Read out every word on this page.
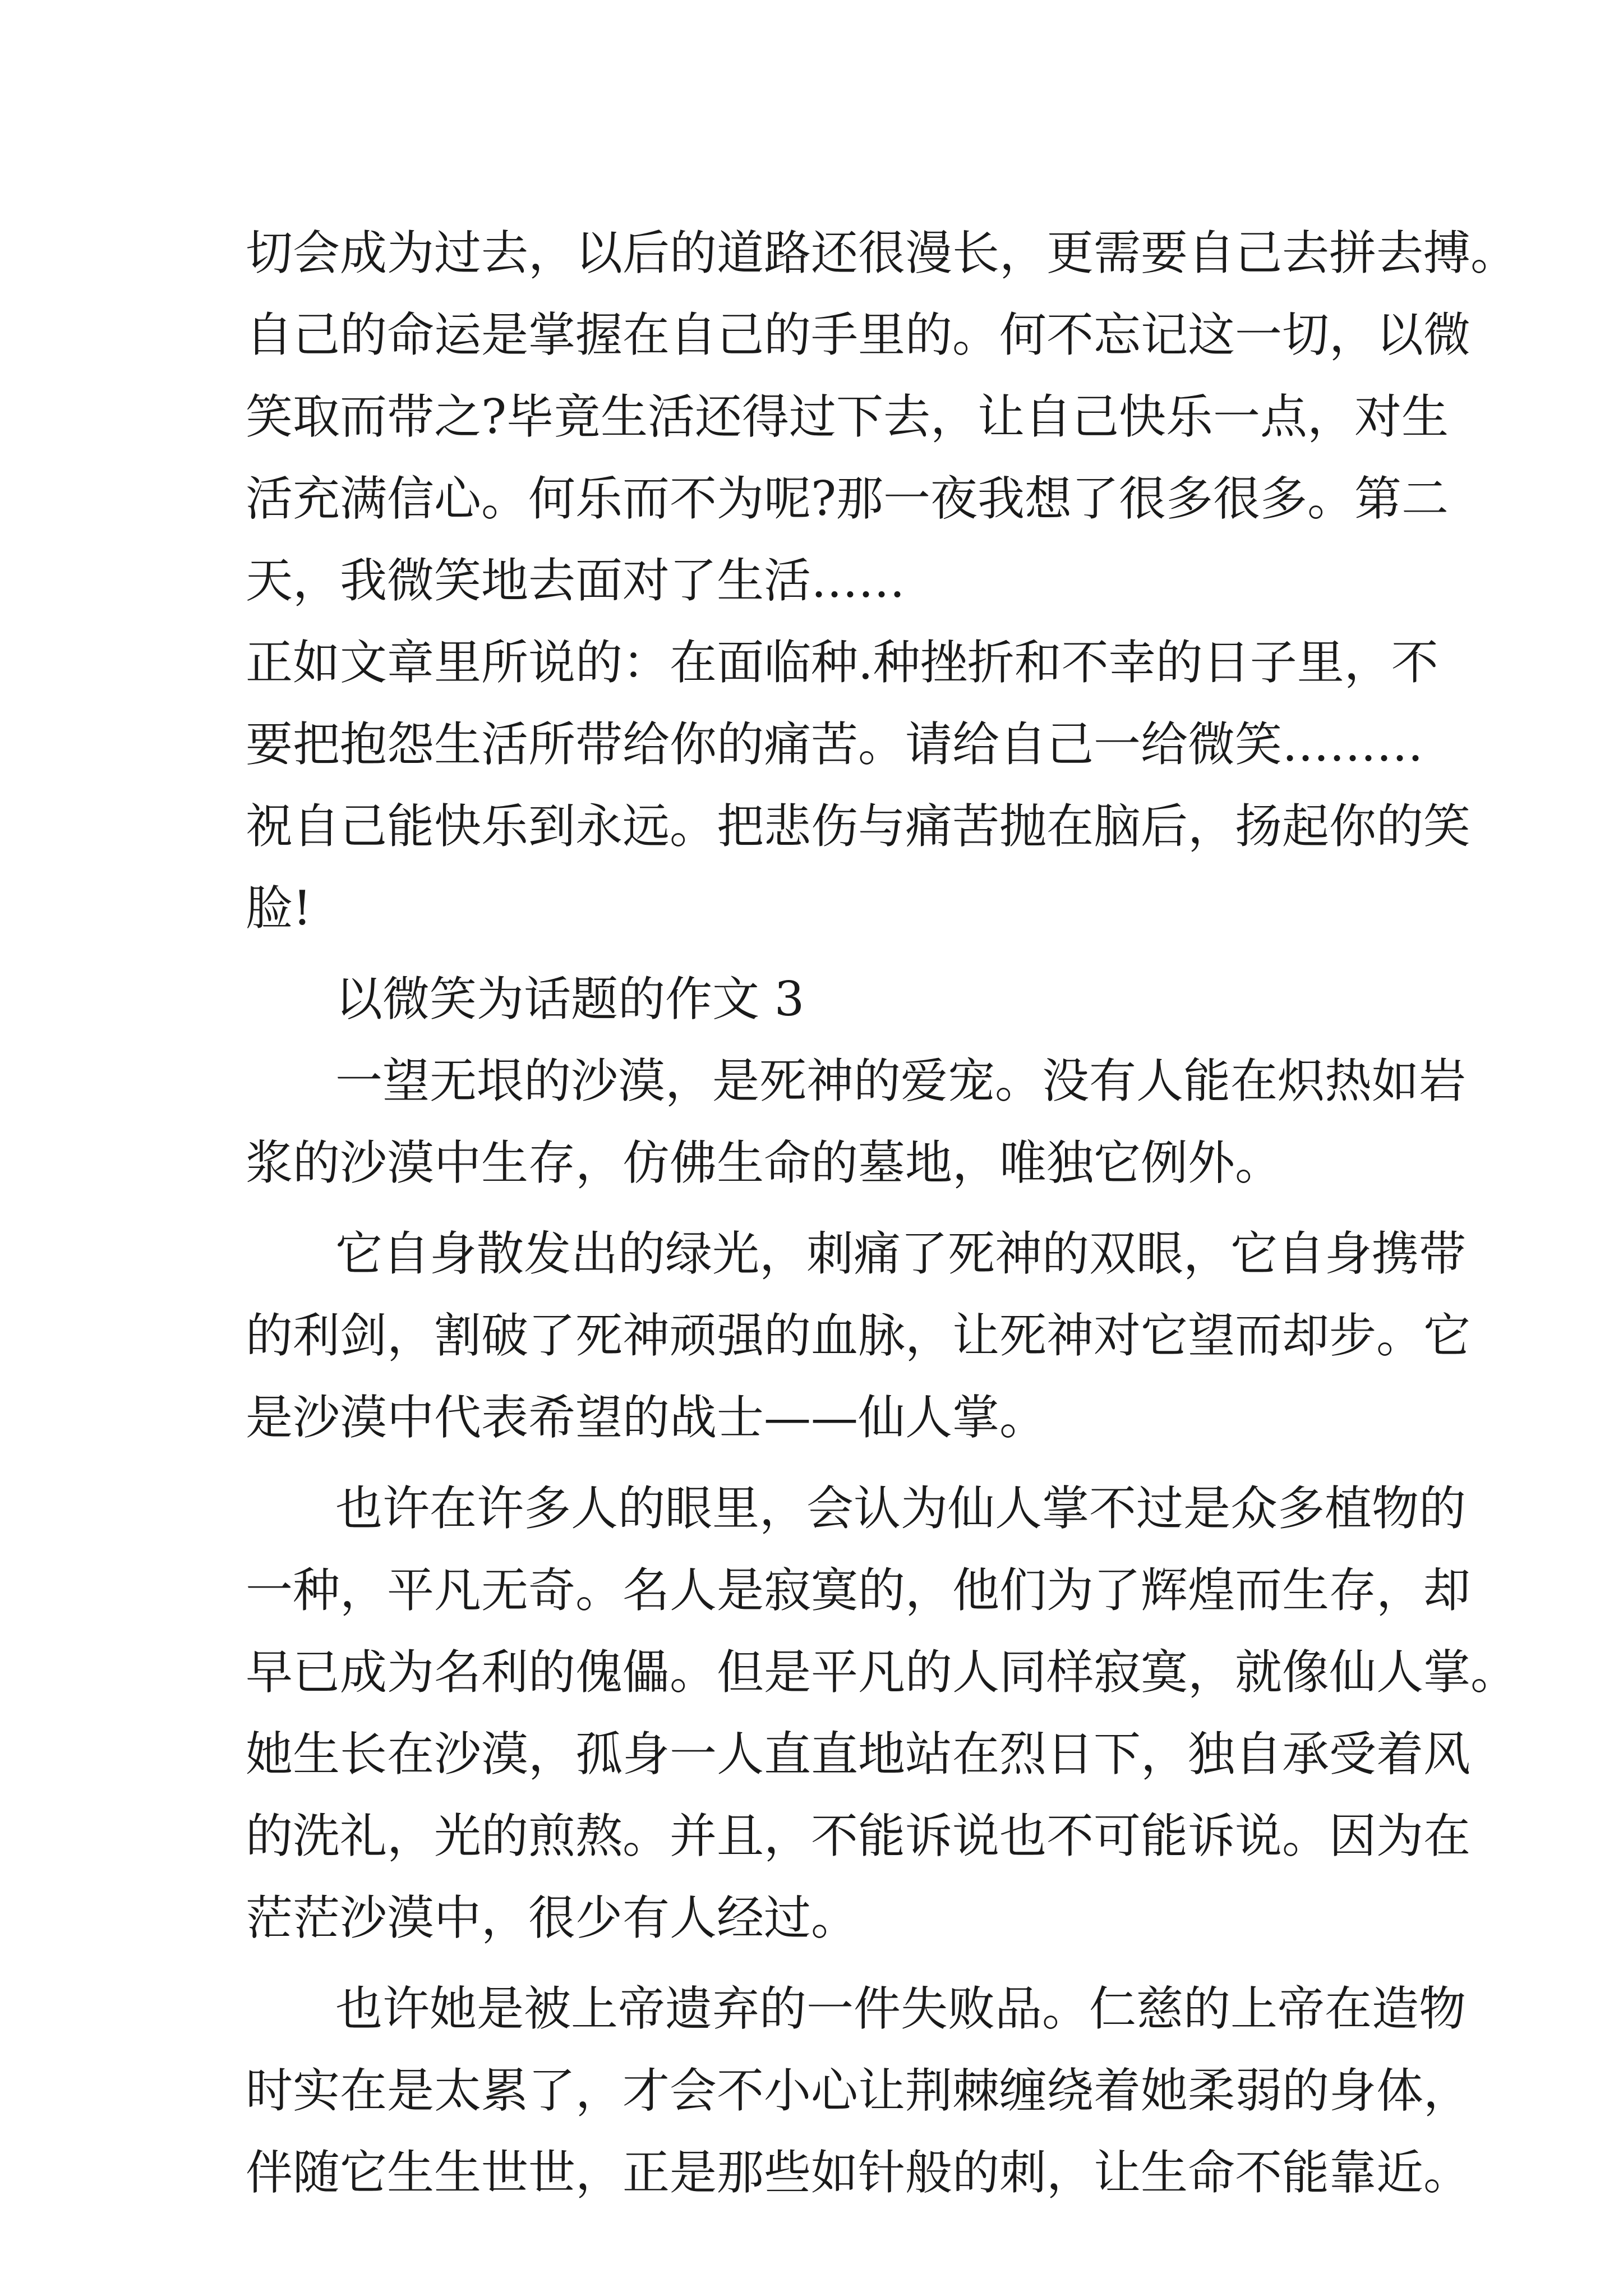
切会成为过去，以后的道路还很漫长，更需要自己去拼去搏。
自己的命运是掌握在自己的手里的。何不忘记这一切，以微
笑取而带之?毕竟生活还得过下去，让自己快乐一点，对生
活充满信心。何乐而不为呢?那一夜我想了很多很多。第二
天，我微笑地去面对了生活……
正如文章里所说的：在面临种.种挫折和不幸的日子里，不
要把抱怨生活所带给你的痛苦。请给自己一给微笑………
祝自己能快乐到永远。把悲伤与痛苦抛在脑后，扬起你的笑
脸!
以微笑为话题的作文 3
一望无垠的沙漠，是死神的爱宠。没有人能在炽热如岩
浆的沙漠中生存，仿佛生命的墓地，唯独它例外。
它自身散发出的绿光，刺痛了死神的双眼，它自身携带
的利剑，割破了死神顽强的血脉，让死神对它望而却步。它
是沙漠中代表希望的战士——仙人掌。
也许在许多人的眼里，会认为仙人掌不过是众多植物的
一种，平凡无奇。名人是寂寞的，他们为了辉煌而生存，却
早已成为名利的傀儡。但是平凡的人同样寂寞，就像仙人掌。
她生长在沙漠，孤身一人直直地站在烈日下，独自承受着风
的洗礼，光的煎熬。并且，不能诉说也不可能诉说。因为在
茫茫沙漠中，很少有人经过。
也许她是被上帝遗弃的一件失败品。仁慈的上帝在造物
时实在是太累了，才会不小心让荆棘缠绕着她柔弱的身体，
伴随它生生世世，正是那些如针般的刺，让生命不能靠近。
